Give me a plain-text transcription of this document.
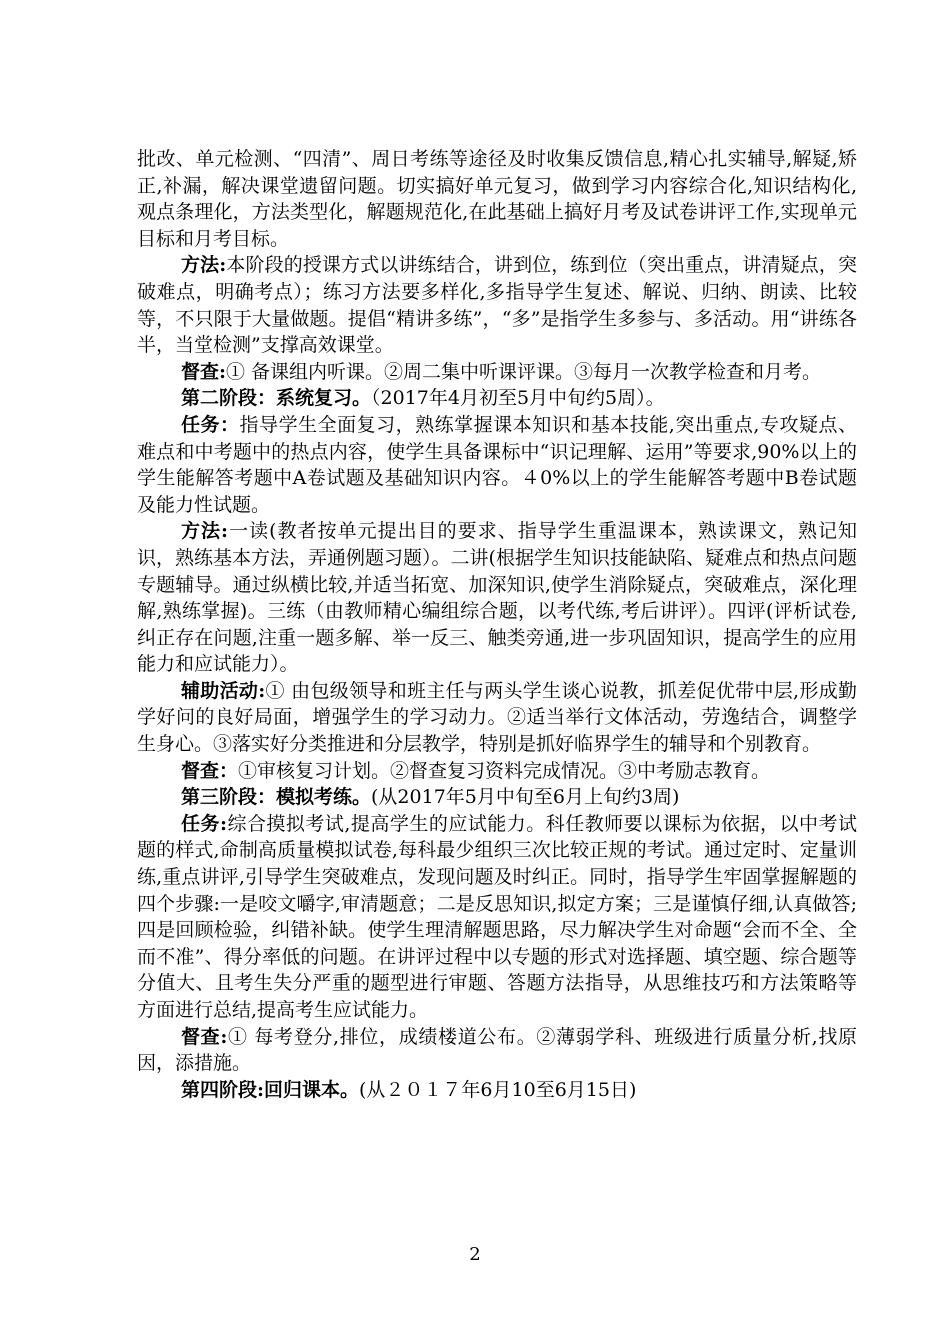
批改、单元检测、“四清”、周日考练等途径及时收集反馈信息,精心扎实辅导,解疑,矫正,补漏，解决课堂遗留问题。切实搞好单元复习，做到学习内容综合化,知识结构化,观点条理化，方法类型化，解题规范化,在此基础上搞好月考及试卷讲评工作,实现单元目标和月考目标。

方法:本阶段的授课方式以讲练结合，讲到位，练到位（突出重点，讲清疑点，突破难点，明确考点）；练习方法要多样化,多指导学生复述、解说、归纳、朗读、比较等，不只限于大量做题。提倡“精讲多练”，“多”是指学生多参与、多活动。用“讲练各半，当堂检测”支撑高效课堂。

督查:① 备课组内听课。②周二集中听课评课。③每月一次教学检查和月考。

第二阶段：系统复习。（2017年4月初至5月中旬约5周）。

任务：指导学生全面复习，熟练掌握课本知识和基本技能,突出重点,专攻疑点、难点和中考题中的热点内容，使学生具备课标中“识记理解、运用”等要求,90%以上的学生能解答考题中A卷试题及基础知识内容。４0%以上的学生能解答考题中B卷试题及能力性试题。

方法:一读(教者按单元提出目的要求、指导学生重温课本，熟读课文，熟记知识，熟练基本方法，弄通例题习题）。二讲(根据学生知识技能缺陷、疑难点和热点问题专题辅导。通过纵横比较,并适当拓宽、加深知识,使学生消除疑点，突破难点，深化理解,熟练掌握)。三练（由教师精心编组综合题，以考代练,考后讲评）。四评(评析试卷,纠正存在问题,注重一题多解、举一反三、触类旁通,进一步巩固知识，提高学生的应用能力和应试能力）。

辅助活动:① 由包级领导和班主任与两头学生谈心说教，抓差促优带中层,形成勤学好问的良好局面，增强学生的学习动力。②适当举行文体活动，劳逸结合，调整学生身心。③落实好分类推进和分层教学，特别是抓好临界学生的辅导和个别教育。

督查：①审核复习计划。②督查复习资料完成情况。③中考励志教育。

第三阶段：模拟考练。(从2017年5月中旬至6月上旬约3周)

任务:综合摸拟考试,提高学生的应试能力。科任教师要以课标为依据，以中考试题的样式,命制高质量模拟试卷,每科最少组织三次比较正规的考试。通过定时、定量训练,重点讲评,引导学生突破难点，发现问题及时纠正。同时，指导学生牢固掌握解题的四个步骤:一是咬文嚼字,审清题意；二是反思知识,拟定方案；三是谨慎仔细,认真做答;四是回顾检验，纠错补缺。使学生理清解题思路，尽力解决学生对命题“会而不全、全而不准”、得分率低的问题。在讲评过程中以专题的形式对选择题、填空题、综合题等分值大、且考生失分严重的题型进行审题、答题方法指导，从思维技巧和方法策略等方面进行总结,提高考生应试能力。

督查:① 每考登分,排位，成绩楼道公布。②薄弱学科、班级进行质量分析,找原因，添措施。

第四阶段:回归课本。(从２０１７年6月10至6月15日)

2
